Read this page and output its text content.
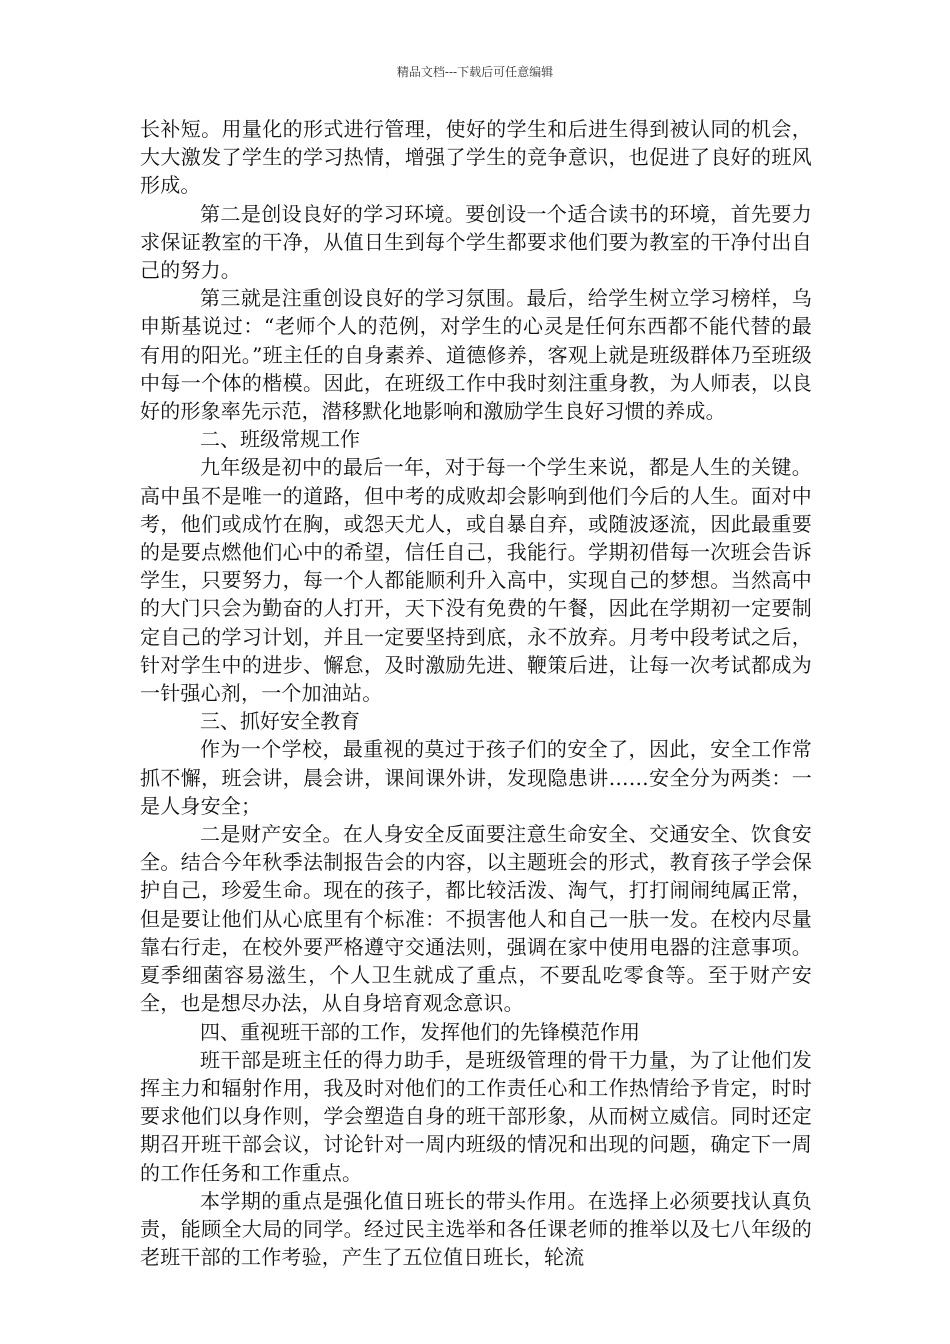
精品文档---下载后可任意编辑

长补短。用量化的形式进行管理，使好的学生和后进生得到被认同的机会，大大激发了学生的学习热情，增强了学生的竞争意识，也促进了良好的班风形成。

第二是创设良好的学习环境。要创设一个适合读书的环境，首先要力求保证教室的干净，从值日生到每个学生都要求他们要为教室的干净付出自己的努力。

第三就是注重创设良好的学习氛围。最后，给学生树立学习榜样，乌申斯基说过：“老师个人的范例，对学生的心灵是任何东西都不能代替的最有用的阳光。”班主任的自身素养、道德修养，客观上就是班级群体乃至班级中每一个体的楷模。因此，在班级工作中我时刻注重身教，为人师表，以良好的形象率先示范，潜移默化地影响和激励学生良好习惯的养成。

二、班级常规工作

九年级是初中的最后一年，对于每一个学生来说，都是人生的关键。高中虽不是唯一的道路，但中考的成败却会影响到他们今后的人生。面对中考，他们或成竹在胸，或怨天尤人，或自暴自弃，或随波逐流，因此最重要的是要点燃他们心中的希望，信任自己，我能行。学期初借每一次班会告诉学生，只要努力，每一个人都能顺利升入高中，实现自己的梦想。当然高中的大门只会为勤奋的人打开，天下没有免费的午餐，因此在学期初一定要制定自己的学习计划，并且一定要坚持到底，永不放弃。月考中段考试之后，针对学生中的进步、懈怠，及时激励先进、鞭策后进，让每一次考试都成为一针强心剂，一个加油站。

三、抓好安全教育

作为一个学校，最重视的莫过于孩子们的安全了，因此，安全工作常抓不懈，班会讲，晨会讲，课间课外讲，发现隐患讲……安全分为两类：一是人身安全；

二是财产安全。在人身安全反面要注意生命安全、交通安全、饮食安全。结合今年秋季法制报告会的内容，以主题班会的形式，教育孩子学会保护自己，珍爱生命。现在的孩子，都比较活泼、淘气，打打闹闹纯属正常，但是要让他们从心底里有个标准：不损害他人和自己一肤一发。在校内尽量靠右行走，在校外要严格遵守交通法则，强调在家中使用电器的注意事项。夏季细菌容易滋生，个人卫生就成了重点，不要乱吃零食等。至于财产安全，也是想尽办法，从自身培育观念意识。

四、重视班干部的工作，发挥他们的先锋模范作用

班干部是班主任的得力助手，是班级管理的骨干力量，为了让他们发挥主力和辐射作用，我及时对他们的工作责任心和工作热情给予肯定，时时要求他们以身作则，学会塑造自身的班干部形象，从而树立威信。同时还定期召开班干部会议，讨论针对一周内班级的情况和出现的问题，确定下一周的工作任务和工作重点。

本学期的重点是强化值日班长的带头作用。在选择上必须要找认真负责，能顾全大局的同学。经过民主选举和各任课老师的推举以及七八年级的老班干部的工作考验，产生了五位值日班长，轮流
